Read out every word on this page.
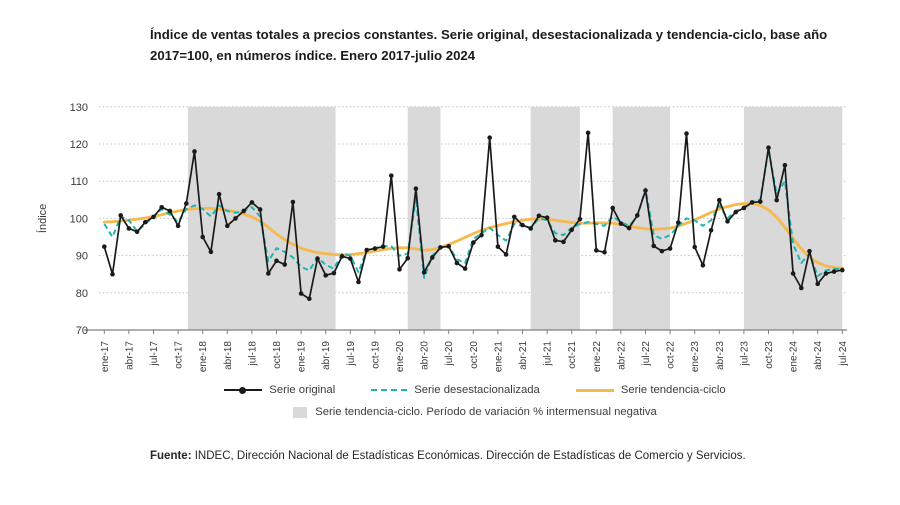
Índice de ventas totales a precios constantes. Serie original, desestacionalizada y tendencia-ciclo, base año 2017=100, en números índice. Enero 2017-julio 2024
70
80
90
100
110
120
130
Índice
ene-17 abr-17 jul-17 oct-17 ene-18 abr-18 jul-18 oct-18 ene-19 abr-19 jul-19 oct-19 ene-20 abr-20 jul-20 oct-20 ene-21 abr-21 jul-21 oct-21 ene-22 abr-22 jul-22 oct-22 ene-23 abr-23 jul-23 oct-23 ene-24 abr-24 jul-24
Serie original	Serie desestacionalizada	Serie tendencia-ciclo
Serie tendencia-ciclo. Período de variación % intermensual negativa
Fuente: INDEC, Dirección Nacional de Estadísticas Económicas. Dirección de Estadísticas de Comercio y Servicios.
